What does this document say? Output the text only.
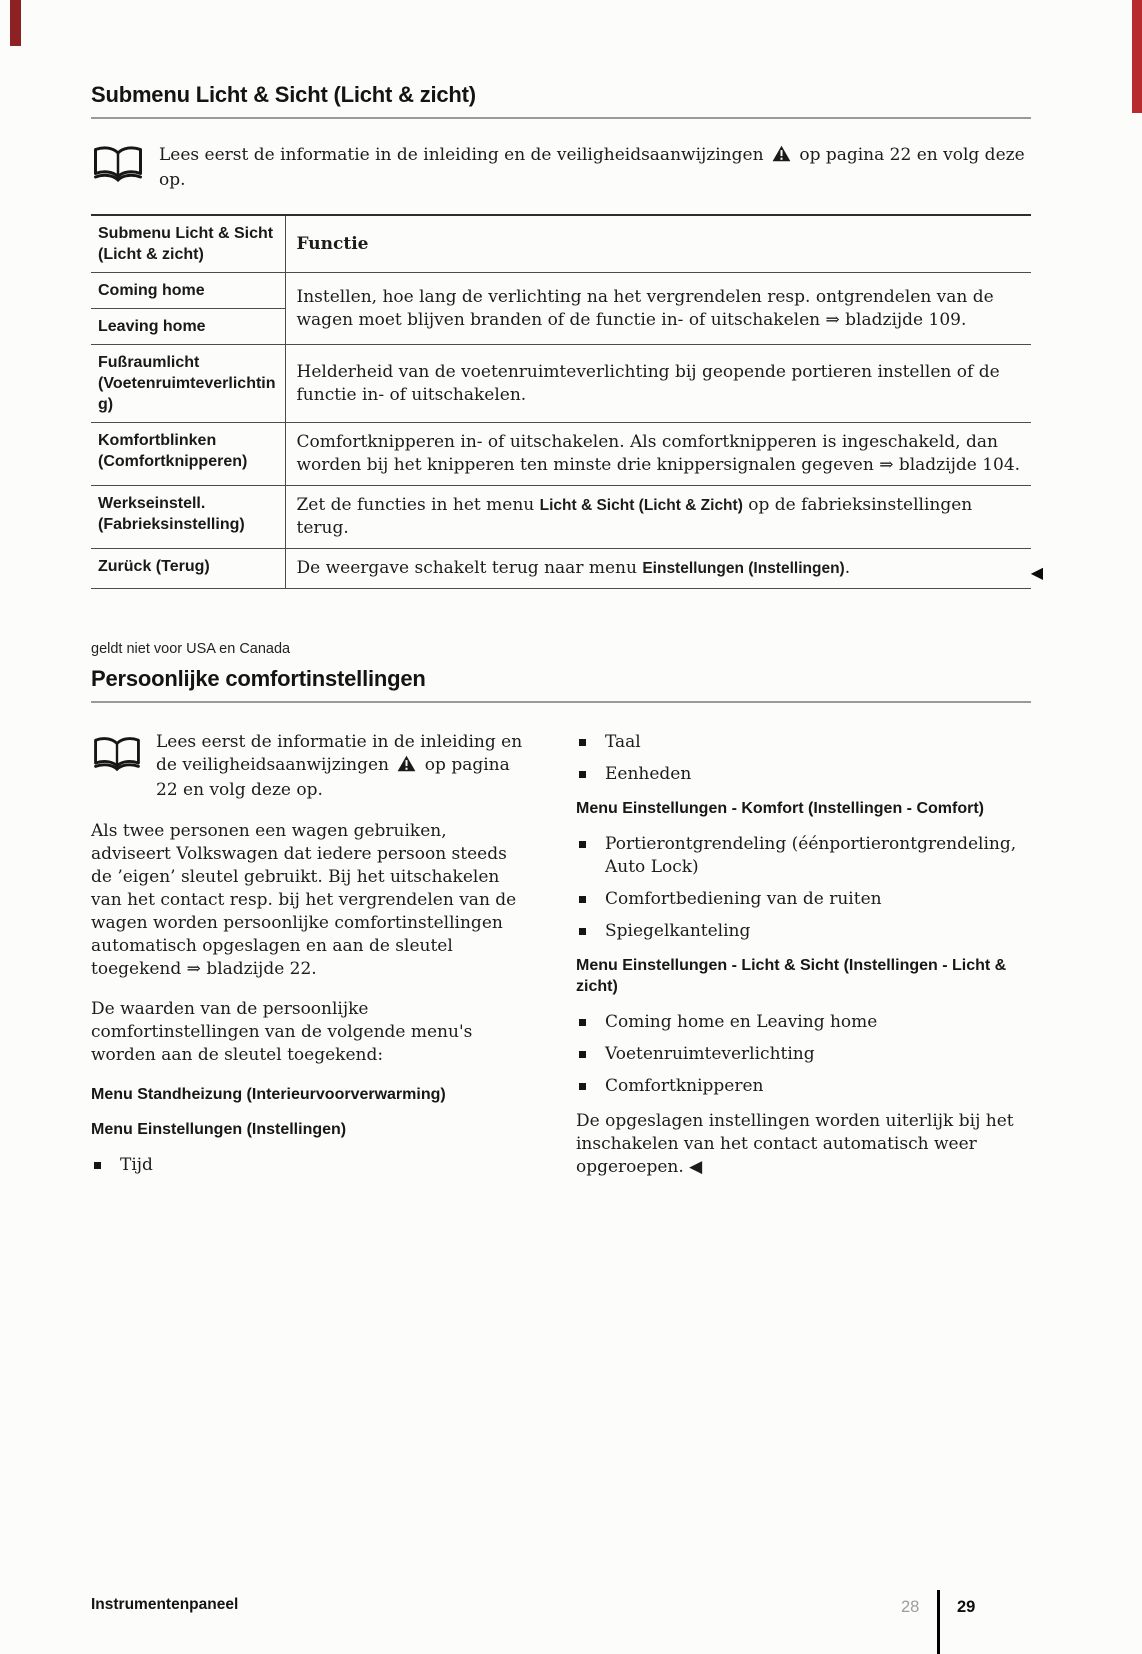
Submenu Licht & Sicht (Licht & zicht)

Lees eerst de informatie in de inleiding en de veiligheidsaanwijzingen op pagina 22 en volg deze op.

Submenu Licht & Sicht (Licht & zicht)	Functie
Coming home	Instellen, hoe lang de verlichting na het vergrendelen resp. ontgrendelen van de wagen moet blijven branden of de functie in- of uitschakelen ⇒ bladzijde 109.
Leaving home	
Fußraumlicht (Voetenruimteverlichting)	Helderheid van de voetenruimteverlichting bij geopende portieren instellen of de functie in- of uitschakelen.
Komfortblinken (Comfortknipperen)	Comfortknipperen in- of uitschakelen. Als comfortknipperen is ingeschakeld, dan worden bij het knipperen ten minste drie knippersignalen gegeven ⇒ bladzijde 104.
Werkseinstell. (Fabrieksinstelling)	Zet de functies in het menu Licht & Sicht (Licht & Zicht) op de fabrieksinstellingen terug.
Zurück (Terug)	De weergave schakelt terug naar menu Einstellungen (Instellingen).	◀

geldt niet voor USA en Canada

Persoonlijke comfortinstellingen
Lees eerst de informatie in de inleiding en de veiligheidsaanwijzingen op pagina 22 en volg deze op.

Als twee personen een wagen gebruiken, adviseert Volkswagen dat iedere persoon steeds de ’eigen’ sleutel gebruikt. Bij het uitschakelen van het contact resp. bij het vergrendelen van de wagen worden persoonlijke comfortinstellingen automatisch opgeslagen en aan de sleutel toegekend ⇒ bladzijde 22.

De waarden van de persoonlijke comfortinstellingen van de volgende menu's worden aan de sleutel toegekend:

Menu Standheizung (Interieurvoorverwarming)

Menu Einstellungen (Instellingen)

Tijd
Taal
Eenheden

Menu Einstellungen - Komfort (Instellingen - Comfort)

Portierontgrendeling (éénportierontgrendeling, Auto Lock)
Comfortbediening van de ruiten
Spiegelkanteling

Menu Einstellungen - Licht & Sicht (Instellingen - Licht & zicht)

Coming home en Leaving home
Voetenruimteverlichting
Comfortknipperen

De opgeslagen instellingen worden uiterlijk bij het inschakelen van het contact automatisch weer opgeroepen. ◀

Instrumentenpaneel	28 29
